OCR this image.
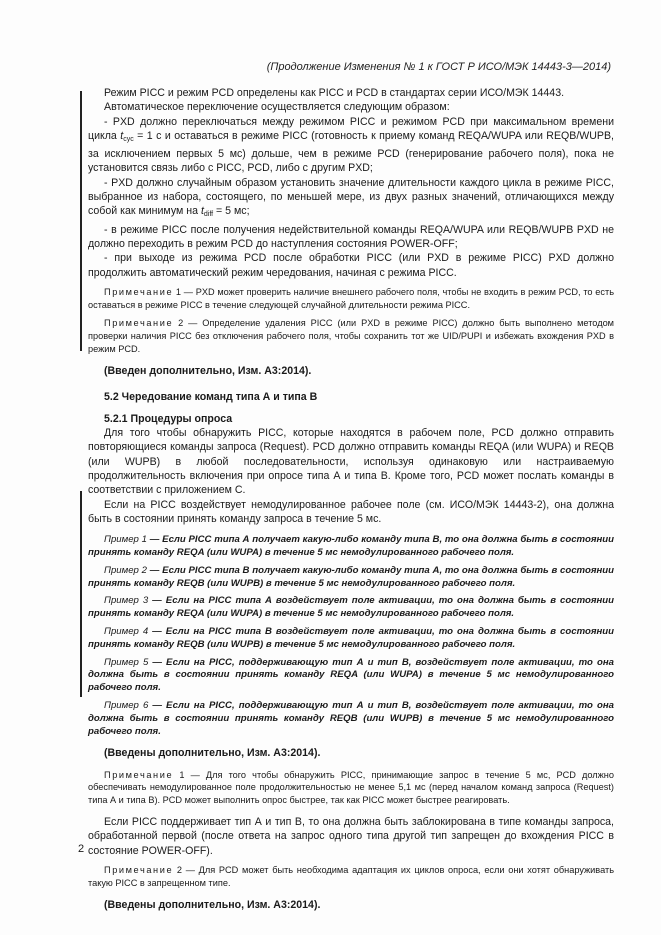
(Продолжение Изменения № 1 к ГОСТ Р ИСО/МЭК 14443-3—2014)

Режим PICC и режим PCD определены как PICC и PCD в стандартах серии ИСО/МЭК 14443.

Автоматическое переключение осуществляется следующим образом:

- PXD должно переключаться между режимом PICC и режимом PCD при максимальном времени цикла $t_{cyc} = 1$ с и оставаться в режиме PICC (готовность к приему команд REQA/WUPA или REQB/WUPB, за исключением первых 5 мс) дольше, чем в режиме PCD (генерирование рабочего поля), пока не установится связь либо с PICC, PCD, либо с другим PXD;

- PXD должно случайным образом установить значение длительности каждого цикла в режиме PICC, выбранное из набора, состоящего, по меньшей мере, из двух разных значений, отличающихся между собой как минимум на $t_{diff} = 5$ мс;

- в режиме PICC после получения недействительной команды REQA/WUPA или REQB/WUPB PXD не должно переходить в режим PCD до наступления состояния POWER-OFF;

- при выходе из режима PCD после обработки PICC (или PXD в режиме PICC) PXD должно продолжить автоматический режим чередования, начиная с режима PICC.

Примечание 1 — PXD может проверить наличие внешнего рабочего поля, чтобы не входить в режим PCD, то есть оставаться в режиме PICC в течение следующей случайной длительности режима PICC.

Примечание 2 — Определение удаления PICC (или PXD в режиме PICC) должно быть выполнено методом проверки наличия PICC без отключения рабочего поля, чтобы сохранить тот же UID/PUPI и избежать вхождения PXD в режим PCD.

(Введен дополнительно, Изм. А3:2014).

5.2 Чередование команд типа А и типа В

5.2.1 Процедуры опроса

Для того чтобы обнаружить PICC, которые находятся в рабочем поле, PCD должно отправить повторяющиеся команды запроса (Request). PCD должно отправить команды REQA (или WUPA) и REQB (или WUPB) в любой последовательности, используя одинаковую или настраиваемую продолжительность включения при опросе типа А и типа В. Кроме того, PCD может послать команды в соответствии с приложением С.

Если на PICC воздействует немодулированное рабочее поле (см. ИСО/МЭК 14443-2), она должна быть в состоянии принять команду запроса в течение 5 мс.

Пример 1 — Если PICC типа А получает какую-либо команду типа В, то она должна быть в состоянии принять команду REQA (или WUPA) в течение 5 мс немодулированного рабочего поля.

Пример 2 — Если PICC типа В получает какую-либо команду типа А, то она должна быть в состоянии принять команду REQB (или WUPB) в течение 5 мс немодулированного рабочего поля.

Пример 3 — Если на PICC типа А воздействует поле активации, то она должна быть в состоянии принять команду REQA (или WUPA) в течение 5 мс немодулированного рабочего поля.

Пример 4 — Если на PICC типа В воздействует поле активации, то она должна быть в состоянии принять команду REQB (или WUPB) в течение 5 мс немодулированного рабочего поля.

Пример 5 — Если на PICC, поддерживающую тип А и тип В, воздействует поле активации, то она должна быть в состоянии принять команду REQA (или WUPA) в течение 5 мс немодулированного рабочего поля.

Пример 6 — Если на PICC, поддерживающую тип А и тип В, воздействует поле активации, то она должна быть в состоянии принять команду REQB (или WUPB) в течение 5 мс немодулированного рабочего поля.

(Введены дополнительно, Изм. А3:2014).

Примечание 1 — Для того чтобы обнаружить PICC, принимающие запрос в течение 5 мс, PCD должно обеспечивать немодулированное поле продолжительностью не менее 5,1 мс (перед началом команд запроса (Request) типа А и типа В). PCD может выполнить опрос быстрее, так как PICC может быстрее реагировать.

Если PICC поддерживает тип А и тип В, то она должна быть заблокирована в типе команды запроса, обработанной первой (после ответа на запрос одного типа другой тип запрещен до вхождения PICC в состояние POWER-OFF).

Примечание 2 — Для PCD может быть необходима адаптация их циклов опроса, если они хотят обнаруживать такую PICC в запрещенном типе.

(Введены дополнительно, Изм. А3:2014).

2
